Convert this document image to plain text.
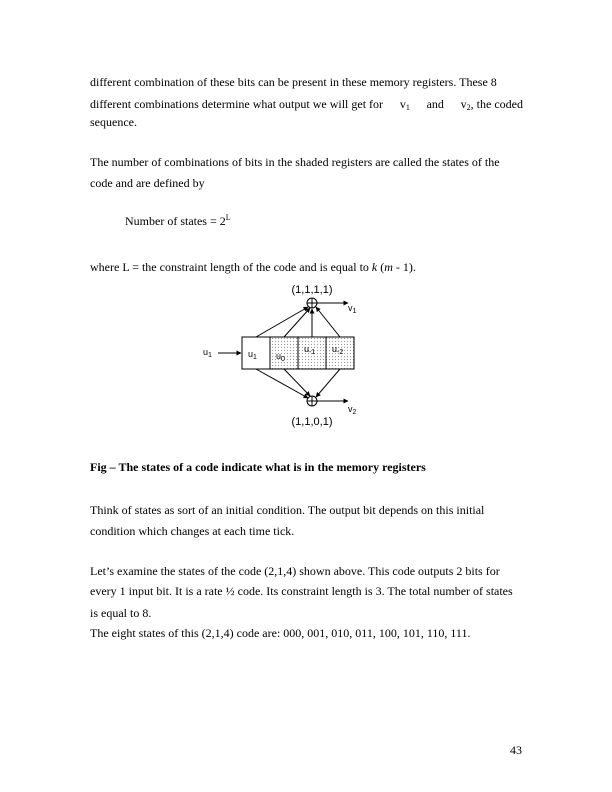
different combination of these bits can be present in these memory registers. These 8
different combinations determine what output we will get for $v_1$ and $v_2$, the coded
sequence.
The number of combinations of bits in the shaded registers are called the states of the
code and are defined by
Number of states = $2^L$
where L = the constraint length of the code and is equal to k (m - 1).
(1,1,1,1)
(1,1,0,1)
$u_1$ $u_0$
$u_{-1}$ $u_{-2}$
$u_1$
$v_1$
$v_2$
Fig – The states of a code indicate what is in the memory registers
Think of states as sort of an initial condition. The output bit depends on this initial
condition which changes at each time tick.
Let’s examine the states of the code (2,1,4) shown above. This code outputs 2 bits for
every 1 input bit. It is a rate ½ code. Its constraint length is 3. The total number of states
is equal to 8.
The eight states of this (2,1,4) code are: 000, 001, 010, 011, 100, 101, 110, 111.
43
